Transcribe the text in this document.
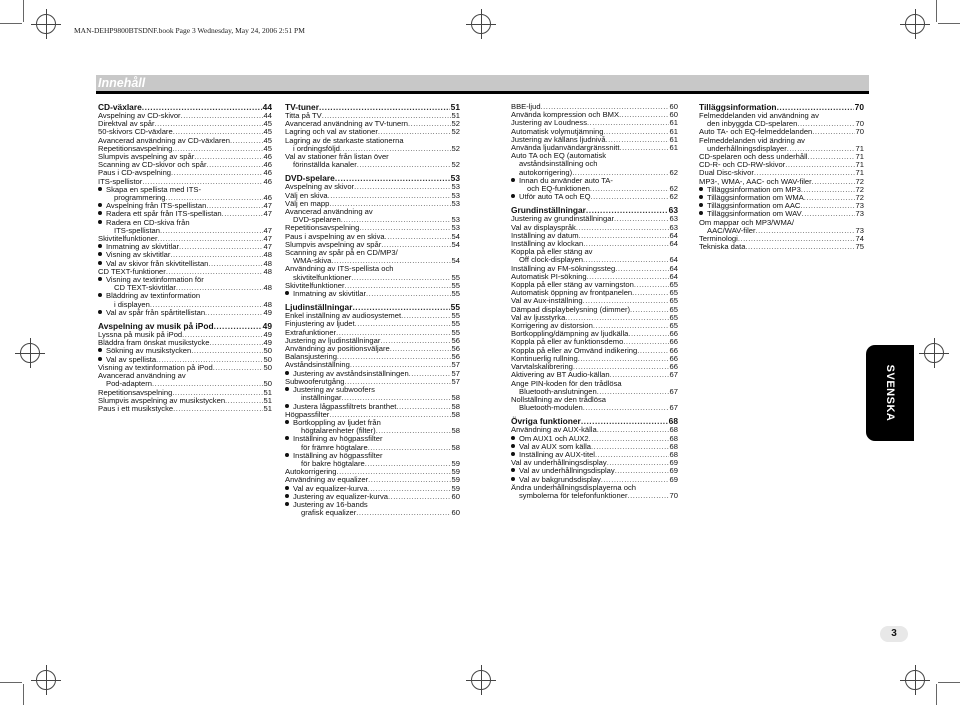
MAN-DEHP9800BTSDNF.book Page 3 Wednesday, May 24, 2006 2:51 PM
Innehåll
CD-växlare .....	44
Avspelning av CD-skivor .....	44
Direktval av spår .....	45
50-skivors CD-växlare .....	45
Avancerad användning av CD-växlaren .....	45
Repetitionsavspelning .....	45
Slumpvis avspelning av spår .....	46
Scanning av CD-skivor och spår .....	46
Paus i CD-avspelning .....	46
ITS-spellistor .....	46
Skapa en spellista med ITS-
programmering .....	46
Avspelning från ITS-spellistan .....	47
Radera ett spår från ITS-spellistan .....	47
Radera en CD-skiva från
ITS-spellistan .....	47
Skivtitelfunktioner .....	47
Inmatning av skivtitlar .....	47
Visning av skivtitlar .....	48
Val av skivor från skivtitellistan .....	48
CD TEXT-funktioner .....	48
Visning av textinformation för
CD TEXT-skivtitlar .....	48
Bläddring av textinformation
i displayen .....	48
Val av spår från spårtitellistan .....	49
Avspelning av musik på iPod .....	49
Lyssna på musik på iPod .....	49
Bläddra fram önskat musikstycke .....	49
Sökning av musikstycken .....	50
Val av spellista .....	50
Visning av textinformation på iPod .....	50
Avancerad användning av
Pod-adaptern .....	50
Repetitionsavspelning .....	51
Slumpvis avspelning av musikstycken .....	51
Paus i ett musikstycke .....	51
TV-tuner .....	51
Titta på TV .....	51
Avancerad användning av TV-tunern .....	52
Lagring och val av stationer .....	52
Lagring av de starkaste stationerna
i ordningsföljd .....	52
Val av stationer från listan över
förinställda kanaler .....	52
DVD-spelare .....	53
Avspelning av skivor .....	53
Välj en skiva .....	53
Välj en mapp .....	53
Avancerad användning av
DVD-spelaren .....	53
Repetitionsavspelning .....	53
Paus i avspelning av en skiva .....	54
Slumpvis avspelning av spår .....	54
Scanning av spår på en CD/MP3/
WMA-skiva .....	54
Användning av ITS-spellista och
skivtitelfunktioner .....	55
Skivtitelfunktioner .....	55
Inmatning av skivtitlar .....	55
Ljudinställningar .....	55
Enkel inställning av audiosystemet .....	55
Finjustering av ljudet .....	55
Extrafunktioner .....	55
Justering av ljudinställningar .....	56
Användning av positionsväljare .....	56
Balansjustering .....	56
Avståndsinställning .....	57
Justering av avståndsinställningen .....	57
Subwooferutgång .....	57
Justering av subwoofers
inställningar .....	58
Justera lågpassfiltrets branthet .....	58
Högpassfilter .....	58
Bortkoppling av ljudet från
högtalarenheter (filter) .....	58
Inställning av högpassfilter
för främre högtalare .....	58
Inställning av högpassfilter
för bakre högtalare .....	59
Autokorrigering .....	59
Användning av equalizer .....	59
Val av equalizer-kurva .....	59
Justering av equalizer-kurva .....	60
Justering av 16-bands
grafisk equalizer .....	60
BBE-ljud .....	60
Använda kompression och BMX .....	60
Justering av Loudness .....	61
Automatisk volymutjämning .....	61
Justering av källans ljudnivå .....	61
Använda ljudanvändargränssnitt .....	61
Auto TA och EQ (automatisk
avståndsinställning och
autokorrigering) .....	62
Innan du använder auto TA-
och EQ-funktionen .....	62
Utför auto TA och EQ .....	62
Grundinställningar .....	63
Justering av grundinställningar .....	63
Val av displayspråk .....	63
Inställning av datum .....	64
Inställning av klockan .....	64
Koppla på eller stäng av
Off clock-displayen .....	64
Inställning av FM-sökningssteg .....	64
Automatisk PI-sökning .....	64
Koppla på eller stäng av varningston .....	65
Automatisk öppning av frontpanelen .....	65
Val av Aux-inställning .....	65
Dämpad displaybelysning (dimmer) .....	65
Val av ljusstyrka .....	65
Korrigering av distorsion .....	65
Bortkoppling/dämpning av ljudkälla .....	66
Koppla på eller av funktionsdemo .....	66
Koppla på eller av Omvänd indikering .....	66
Kontinuerlig rullning .....	66
Varvtalskalibrering .....	66
Aktivering av BT Audio-källan .....	67
Ange PIN-koden för den trådlösa
Bluetooth-anslutningen .....	67
Nollställning av den trådlösa
Bluetooth-modulen .....	67
Övriga funktioner .....	68
Användning av AUX-källa .....	68
Om AUX1 och AUX2 .....	68
Val av AUX som källa .....	68
Inställning av AUX-titel .....	68
Val av underhållningsdisplay .....	69
Val av underhållningsdisplay .....	69
Val av bakgrundsdisplay .....	69
Ändra underhållningsdisplayerna och
symbolerna för telefonfunktioner .....	70
Tilläggsinformation .....	70
Felmeddelanden vid användning av
den inbyggda CD-spelaren .....	70
Auto TA- och EQ-felmeddelanden .....	70
Felmeddelanden vid ändring av
underhållningsdisplayer .....	71
CD-spelaren och dess underhåll .....	71
CD-R- och CD-RW-skivor .....	71
Dual Disc-skivor .....	71
MP3-, WMA-, AAC- och WAV-filer .....	72
Tilläggsinformation om MP3 .....	72
Tilläggsinformation om WMA .....	72
Tilläggsinformation om AAC .....	73
Tilläggsinformation om WAV .....	73
Om mappar och MP3/WMA/
AAC/WAV-filer .....	73
Terminologi .....	74
Tekniska data .....	75
SVENSKA
3
